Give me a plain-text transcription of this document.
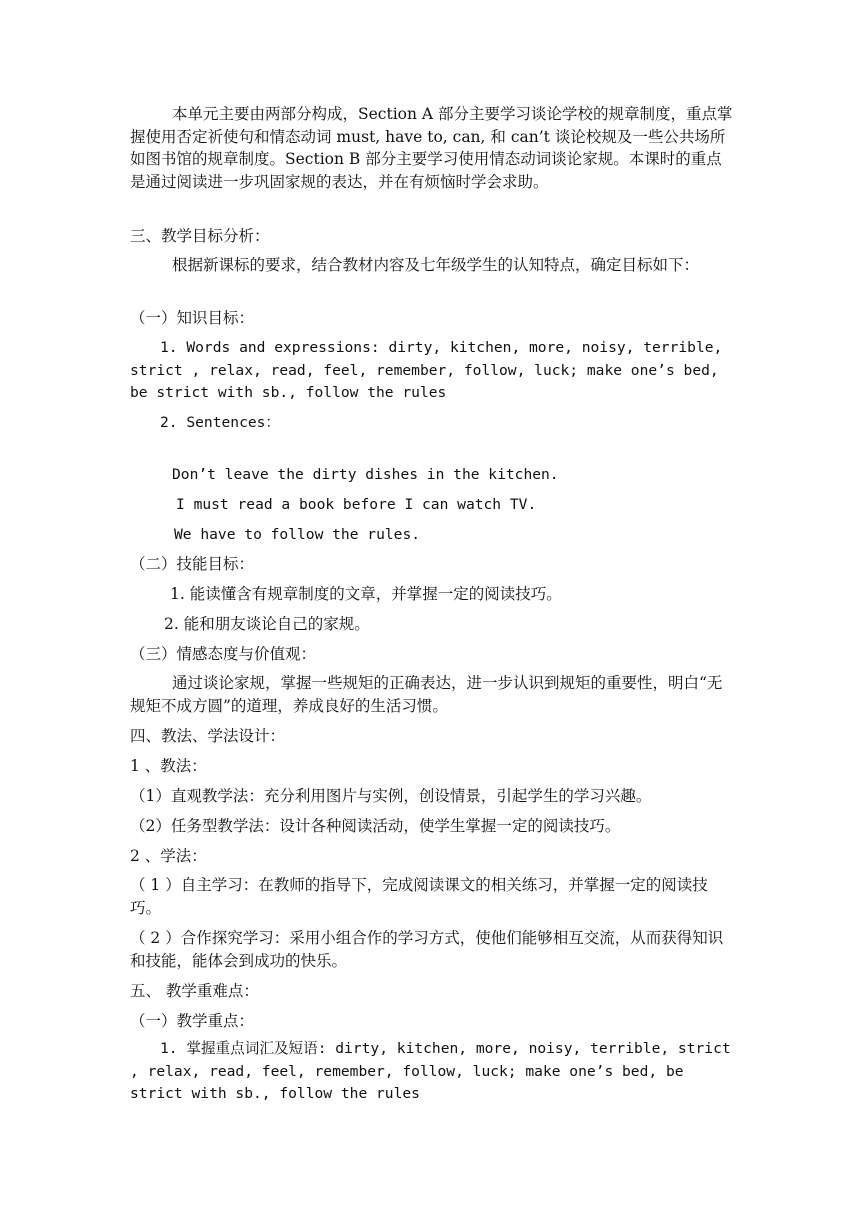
本单元主要由两部分构成，Section A 部分主要学习谈论学校的规章制度，重点掌握使用否定祈使句和情态动词 must, have to, can, 和 can’t 谈论校规及一些公共场所如图书馆的规章制度。Section B 部分主要学习使用情态动词谈论家规。本课时的重点是通过阅读进一步巩固家规的表达，并在有烦恼时学会求助。

三、教学目标分析：

根据新课标的要求，结合教材内容及七年级学生的认知特点，确定目标如下：

（一）知识目标：

1. Words and expressions: dirty, kitchen, more, noisy, terrible, strict , relax, read, feel, remember, follow, luck; make one’s bed, be strict with sb., follow the rules

2. Sentences：

Don’t leave the dirty dishes in the kitchen.

I must read a book before I can watch TV.

We have to follow the rules.

（二）技能目标：

1. 能读懂含有规章制度的文章，并掌握一定的阅读技巧。

2. 能和朋友谈论自己的家规。

（三）情感态度与价值观：

通过谈论家规，掌握一些规矩的正确表达，进一步认识到规矩的重要性，明白“无规矩不成方圆”的道理，养成良好的生活习惯。

四、教法、学法设计：

1 、教法：

（1）直观教学法：充分利用图片与实例，创设情景，引起学生的学习兴趣。

（2）任务型教学法：设计各种阅读活动，使学生掌握一定的阅读技巧。

2 、学法：

（ 1 ）自主学习：在教师的指导下，完成阅读课文的相关练习，并掌握一定的阅读技巧。

（ 2 ）合作探究学习：采用小组合作的学习方式，使他们能够相互交流，从而获得知识和技能，能体会到成功的快乐。

五、 教学重难点：

（一）教学重点：

1. 掌握重点词汇及短语: dirty, kitchen, more, noisy, terrible, strict , relax, read, feel, remember, follow, luck; make one’s bed, be strict with sb., follow the rules
